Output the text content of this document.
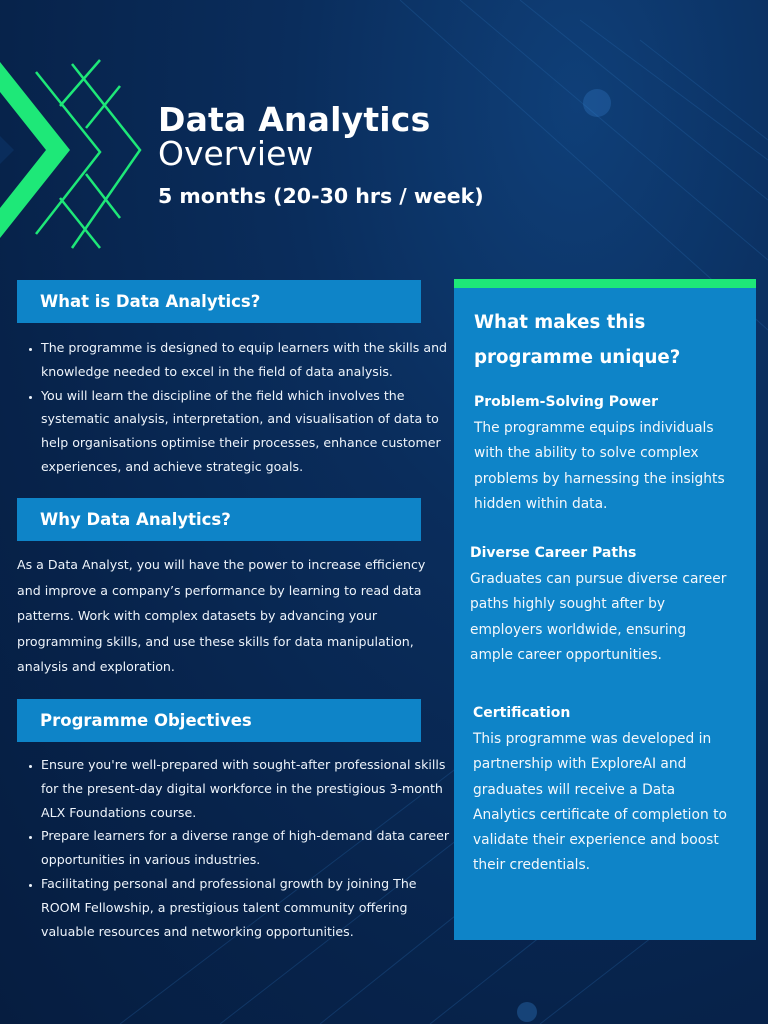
Data Analytics

Overview

5 months (20-30 hrs / week)

What is Data Analytics?
• The programme is designed to equip learners with the skills and knowledge needed to excel in the field of data analysis.
• You will learn the discipline of the field which involves the systematic analysis, interpretation, and visualisation of data to help organisations optimise their processes, enhance customer experiences, and achieve strategic goals.
Why Data Analytics?

As a Data Analyst, you will have the power to increase efficiency and improve a company’s performance by learning to read data patterns. Work with complex datasets by advancing your programming skills, and use these skills for data manipulation, analysis and exploration.

Programme Objectives
• Ensure you're well-prepared with sought-after professional skills for the present-day digital workforce in the prestigious 3-month ALX Foundations course.
• Prepare learners for a diverse range of high-demand data career opportunities in various industries.
• Facilitating personal and professional growth by joining The ROOM Fellowship, a prestigious talent community offering valuable resources and networking opportunities.
What makes this programme unique?
Problem-Solving Power

The programme equips individuals with the ability to solve complex problems by harnessing the insights hidden within data.

Diverse Career Paths

Graduates can pursue diverse career paths highly sought after by employers worldwide, ensuring ample career opportunities.

Certification

This programme was developed in partnership with ExploreAI and graduates will receive a Data Analytics certificate of completion to validate their experience and boost their credentials.
